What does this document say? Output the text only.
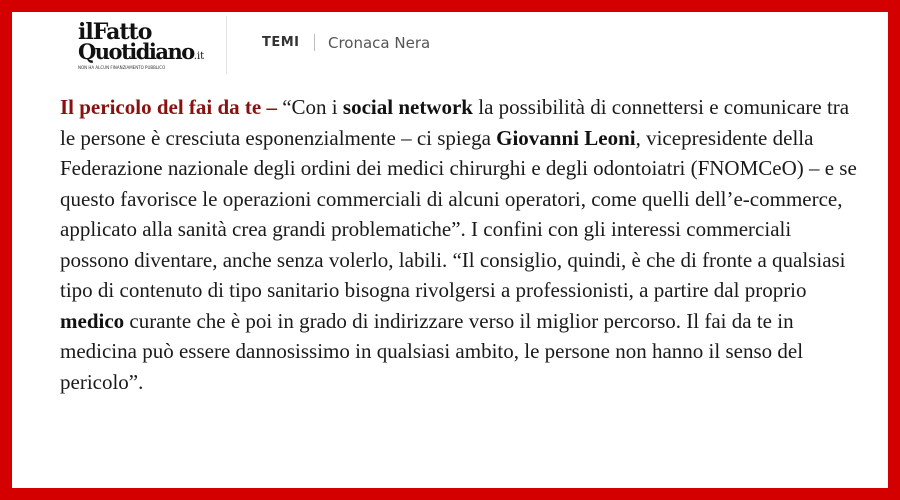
ilFatto
Quotidiano.it
NON HA ALCUN FINANZIAMENTO PUBBLICO
TEMI Cronaca Nera

Il pericolo del fai da te – “Con i social network la possibilità di connettersi e comunicare tra le persone è cresciuta esponenzialmente – ci spiega Giovanni Leoni, vicepresidente della Federazione nazionale degli ordini dei medici chirurghi e degli odontoiatri (FNOMCeO) – e se questo favorisce le operazioni commerciali di alcuni operatori, come quelli dell’e-commerce, applicato alla sanità crea grandi problematiche”. I confini con gli interessi commerciali possono diventare, anche senza volerlo, labili. “Il consiglio, quindi, è che di fronte a qualsiasi tipo di contenuto di tipo sanitario bisogna rivolgersi a professionisti, a partire dal proprio medico curante che è poi in grado di indirizzare verso il miglior percorso. Il fai da te in medicina può essere dannosissimo in qualsiasi ambito, le persone non hanno il senso del pericolo”.
